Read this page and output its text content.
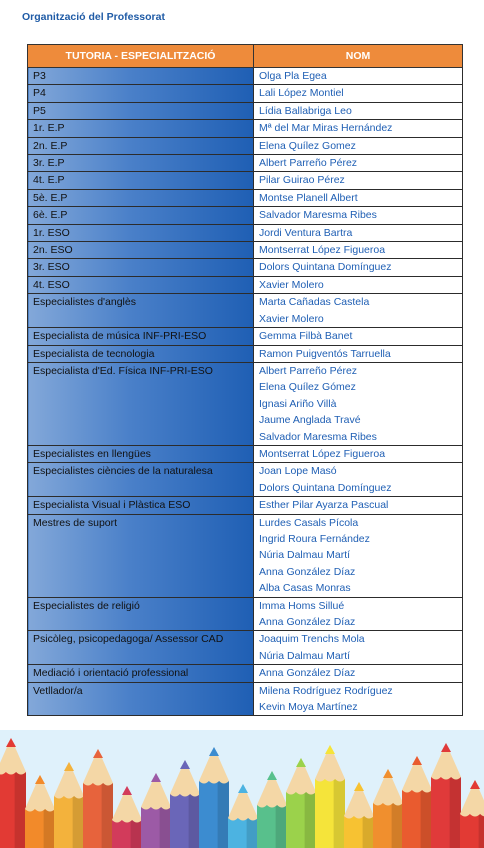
Organització del Professorat
TUTORIA - ESPECIALITZACIÓ	NOM
P3	Olga Pla Egea

P4	Lali López Montiel

P5	Lídia Ballabriga Leo

1r. E.P	Mª del Mar Miras Hernández

2n. E.P	Elena Quílez Gomez

3r. E.P	Albert Parreño Pérez

4t. E.P	Pilar Guirao Pérez

5è. E.P	Montse Planell Albert

6è. E.P	Salvador Maresma Ribes

1r. ESO	Jordi Ventura Bartra

2n. ESO	Montserrat López Figueroa

3r. ESO	Dolors Quintana Domínguez

4t. ESO	Xavier Molero

Especialistes d'anglès	Marta Cañadas Castela
Xavier Molero

Especialista de música INF-PRI-ESO	Gemma Filbà Banet

Especialista de tecnologia	Ramon Puigventós Tarruella

Especialista d'Ed. Física INF-PRI-ESO	Albert Parreño Pérez
Elena Quílez Gómez
Ignasi Ariño Villà
Jaume Anglada Travé
Salvador Maresma Ribes

Especialistes en llengües	Montserrat López Figueroa

Especialistes ciències de la naturalesa	Joan Lope Masó
Dolors Quintana Domínguez

Especialista Visual i Plàstica ESO	Esther Pilar Ayarza Pascual

Mestres de suport	Lurdes Casals Pícola
Ingrid Roura Fernández
Núria Dalmau Martí
Anna González Díaz
Alba Casas Monras

Especialistes de religió	Imma Homs Sillué
Anna González Díaz

Psicòleg, psicopedagoga/ Assessor CAD	Joaquim Trenchs Mola
Núria Dalmau Martí

Mediació i orientació professional	Anna González Díaz

Vetllador/a	Milena Rodríguez Rodríguez
Kevin Moya Martínez
